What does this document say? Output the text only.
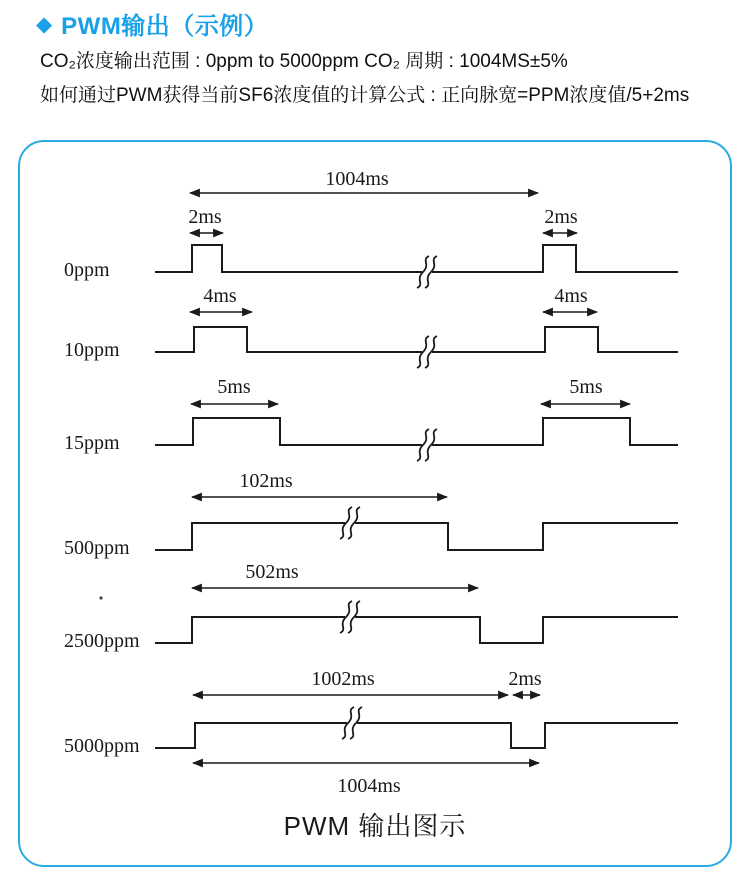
◆ PWM输出（示例）

CO₂浓度输出范围 : 0ppm to 5000ppm CO₂ 周期 : 1004MS±5%

如何通过PWM获得当前SF6浓度值的计算公式 : 正向脉宽=PPM浓度值/5+2ms

1004ms
2ms	2ms
0ppm
4ms	4ms
10ppm
5ms	5ms
15ppm
102ms
500ppm
502ms
2500ppm
1002ms	2ms
1004ms
5000ppm
PWM 输出图示
